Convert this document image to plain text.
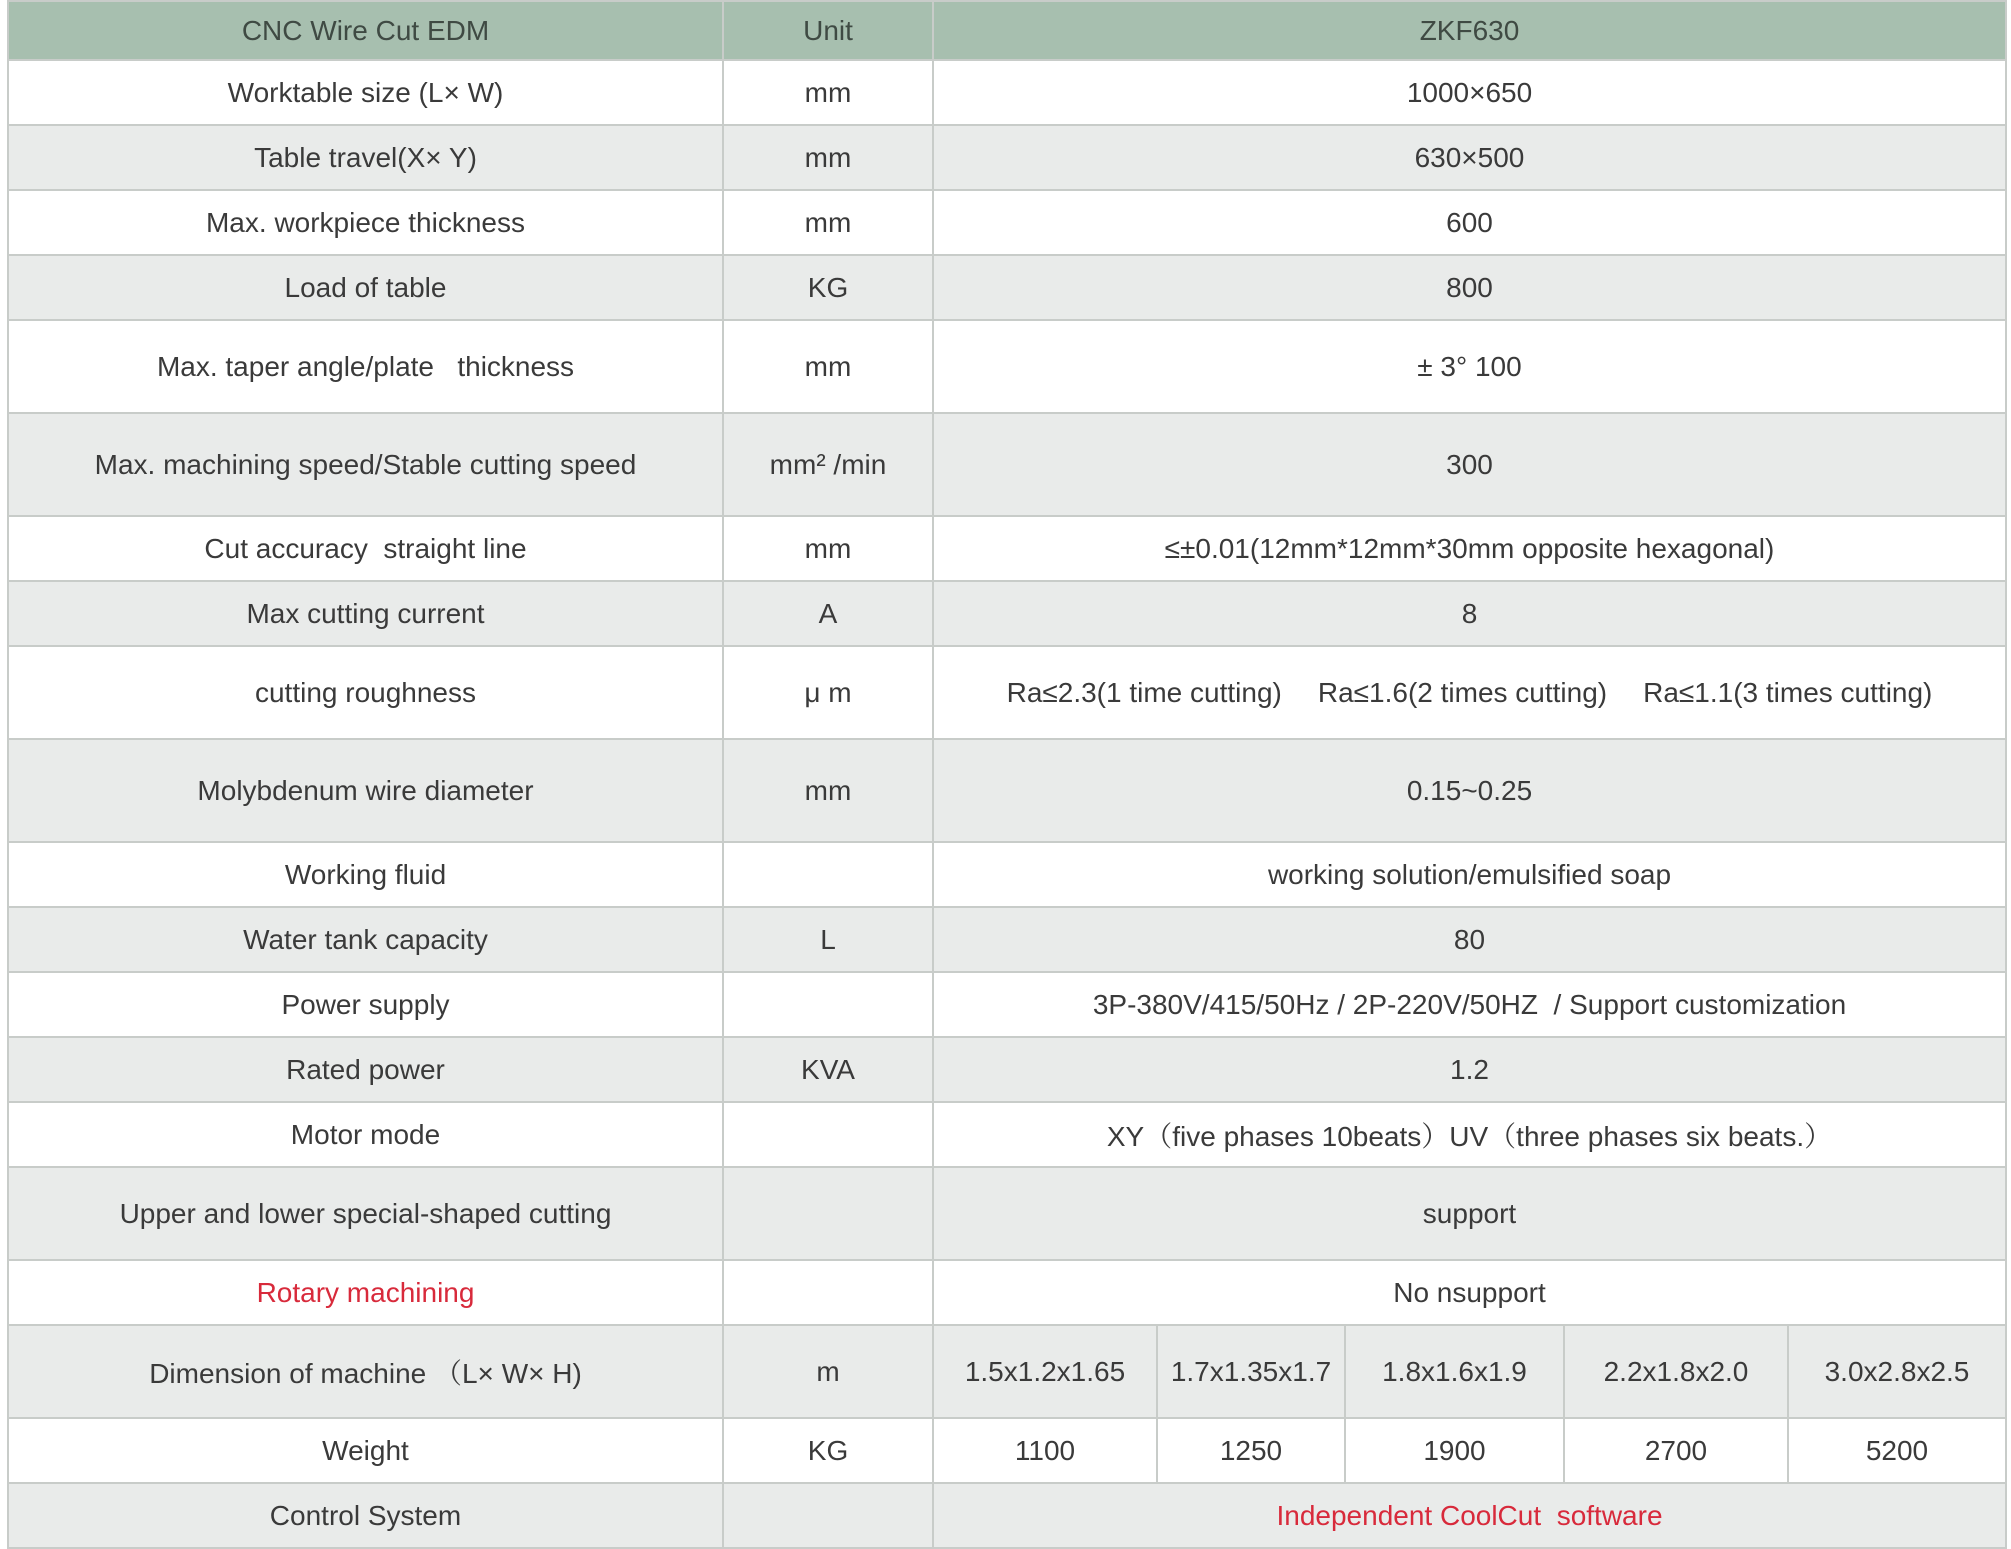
CNC Wire Cut EDM	Unit	ZKF630				
Worktable size (L× W)	mm	1000×650				
Table travel(X× Y)	mm	630×500				
Max. workpiece thickness	mm	600				
Load of table	KG	800				
Max. taper angle/plate   thickness	mm	± 3° 100				
Max. machining speed/Stable cutting speed	mm² /min	300				
Cut accuracy  straight line	mm	≤±0.01(12mm*12mm*30mm opposite hexagonal)				
Max cutting current	A	8				
cutting roughness	μ m	Ra≤2.3(1 time cutting) Ra≤1.6(2 times cutting) Ra≤1.1(3 times cutting)				
Molybdenum wire diameter	mm	0.15~0.25				
Working fluid		working solution/emulsified soap				
Water tank capacity	L	80				
Power supply		3P-380V/415/50Hz / 2P-220V/50HZ  / Support customization				
Rated power	KVA	1.2				
Motor mode		XY（five phases 10beats）UV（three phases six beats.）				
Upper and lower special-shaped cutting		support				
Rotary machining		No nsupport				
Dimension of machine （L× W× H)	m	1.5x1.2x1.65	1.7x1.35x1.7	1.8x1.6x1.9	2.2x1.8x2.0	3.0x2.8x2.5
Weight	KG	1100	1250	1900	2700	5200
Control System		Independent CoolCut  software				
